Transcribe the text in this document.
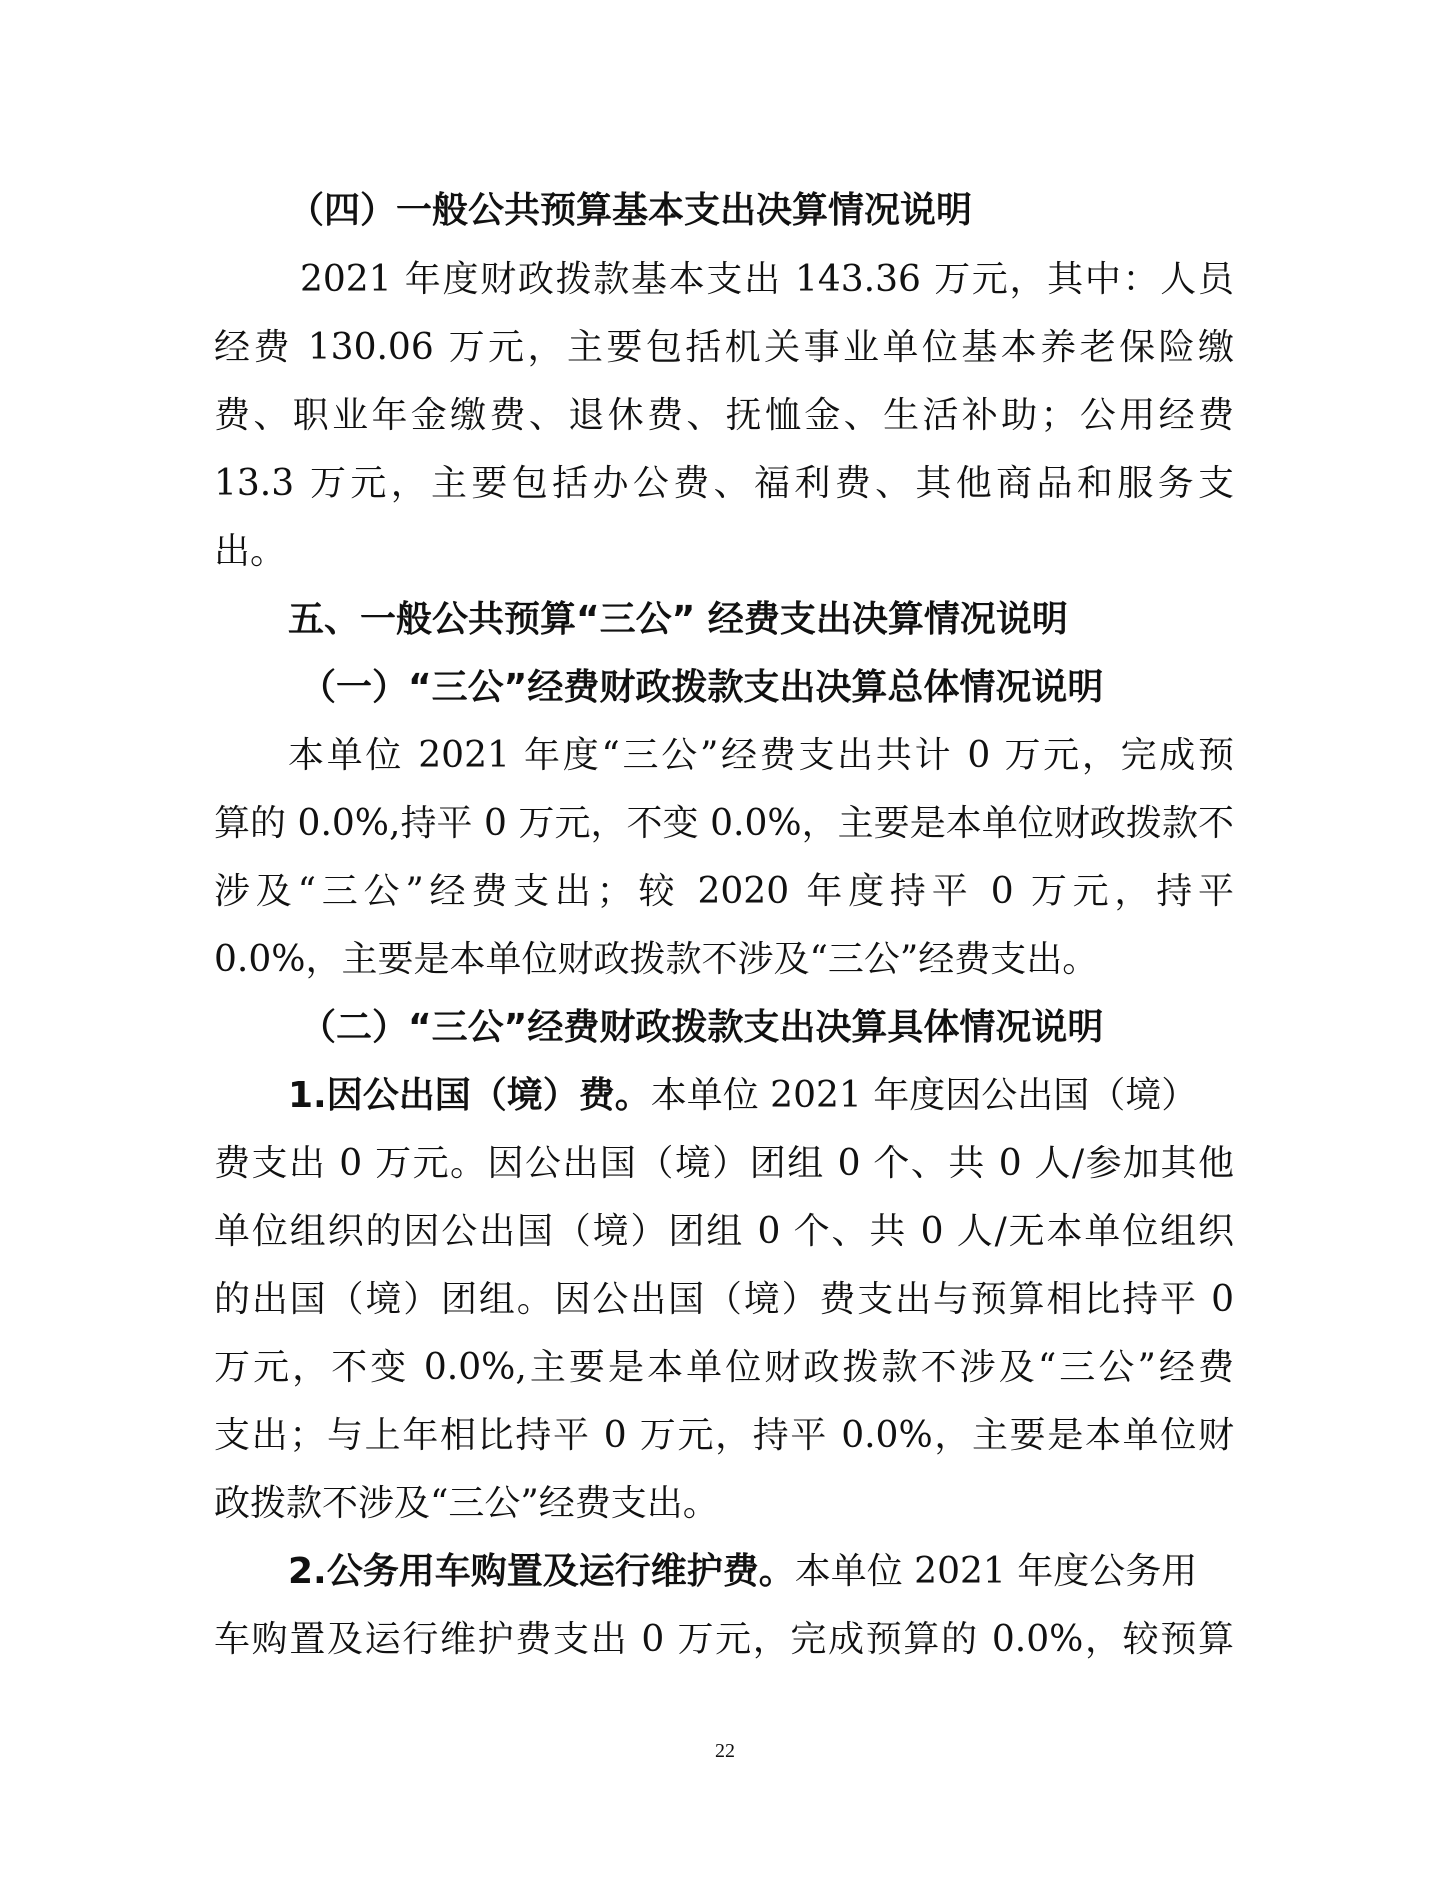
（四）一般公共预算基本支出决算情况说明
2021 年度财政拨款基本支出 143.36 万元，其中：人员
经费 130.06 万元，主要包括机关事业单位基本养老保险缴
费、职业年金缴费、退休费、抚恤金、生活补助；公用经费
13.3 万元，主要包括办公费、福利费、其他商品和服务支
出。
五、一般公共预算“三公” 经费支出决算情况说明
（一）“三公”经费财政拨款支出决算总体情况说明
本单位 2021 年度“三公”经费支出共计 0 万元，完成预
算的 0.0%,持平 0 万元，不变 0.0%，主要是本单位财政拨款不
涉及“三公”经费支出；较 2020 年度持平 0 万元，持平
0.0%，主要是本单位财政拨款不涉及“三公”经费支出。
（二）“三公”经费财政拨款支出决算具体情况说明
1.因公出国（境）费。本单位 2021 年度因公出国（境）
费支出 0 万元。因公出国（境）团组 0 个、共 0 人/参加其他
单位组织的因公出国（境）团组 0 个、共 0 人/无本单位组织
的出国（境）团组。因公出国（境）费支出与预算相比持平 0
万元，不变 0.0%,主要是本单位财政拨款不涉及“三公”经费
支出；与上年相比持平 0 万元，持平 0.0%，主要是本单位财
政拨款不涉及“三公”经费支出。
2.公务用车购置及运行维护费。本单位 2021 年度公务用
车购置及运行维护费支出 0 万元，完成预算的 0.0%，较预算
22
